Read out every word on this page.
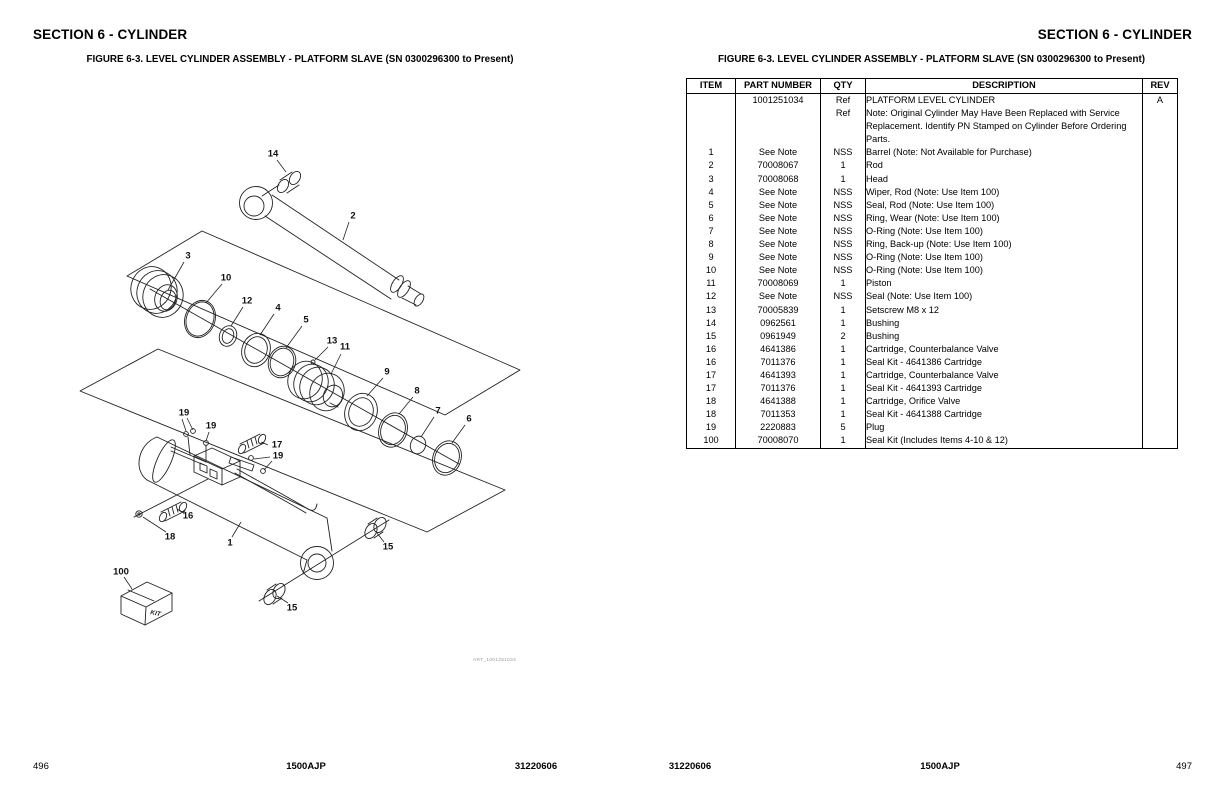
SECTION 6 - CYLINDER
FIGURE 6-3. LEVEL CYLINDER ASSEMBLY - PLATFORM SLAVE (SN 0300296300 to Present)
KIT
ART_1001251034
14
2
3
10
12
4
5
13
11
9
8
7
6
19
19
17
19
16
18
1	15
15
100
496	1500AJP	31220606
SECTION 6 - CYLINDER
FIGURE 6-3. LEVEL CYLINDER ASSEMBLY - PLATFORM SLAVE (SN 0300296300 to Present)
ITEM	PART NUMBER	QTY	DESCRIPTION	REV
	1001251034	Ref	PLATFORM LEVEL CYLINDER	A
		Ref	Note: Original Cylinder May Have Been Replaced with Service Replacement. Identify PN Stamped on Cylinder Before Ordering Parts.	
1	See Note	NSS	Barrel (Note: Not Available for Purchase)	
2	70008067	1	Rod	
3	70008068	1	Head	
4	See Note	NSS	Wiper, Rod (Note: Use Item 100)	
5	See Note	NSS	Seal, Rod (Note: Use Item 100)	
6	See Note	NSS	Ring, Wear (Note: Use Item 100)	
7	See Note	NSS	O-Ring (Note: Use Item 100)	
8	See Note	NSS	Ring, Back-up (Note: Use Item 100)	
9	See Note	NSS	O-Ring (Note: Use Item 100)	
10	See Note	NSS	O-Ring (Note: Use Item 100)	
11	70008069	1	Piston	
12	See Note	NSS	Seal (Note: Use Item 100)	
13	70005839	1	Setscrew M8 x 12	
14	0962561	1	Bushing	
15	0961949	2	Bushing	
16	4641386	1	Cartridge, Counterbalance Valve	
16	7011376	1	Seal Kit - 4641386 Cartridge	
17	4641393	1	Cartridge, Counterbalance Valve	
17	7011376	1	Seal Kit - 4641393 Cartridge	
18	4641388	1	Cartridge, Orifice Valve	
18	7011353	1	Seal Kit - 4641388 Cartridge	
19	2220883	5	Plug	
100	70008070	1	Seal Kit (Includes Items 4-10 & 12)	
31220606	1500AJP	497
